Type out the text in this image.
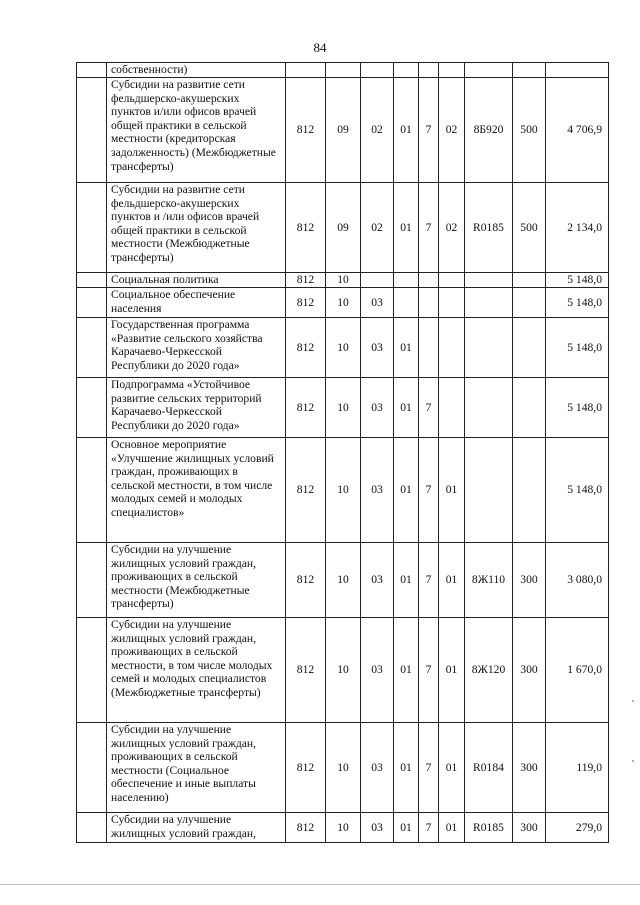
84
	собственности)									
	Субсидии на развитие сети фельдшерско-акушерских пунктов и/или офисов врачей общей практики в сельской местности (кредиторская задолженность) (Межбюджетные трансферты)	812	09	02	01	7	02	8Б920	500	4 706,9
	Субсидии на развитие сети фельдшерско-акушерских пунктов и /или офисов врачей общей практики в сельской местности (Межбюджетные трансферты)	812	09	02	01	7	02	R0185	500	2 134,0
	Социальная политика	812	10							5 148,0
	Социальное обеспечение населения	812	10	03						5 148,0
	Государственная программа «Развитие сельского хозяйства Карачаево-Черкесской Республики до 2020 года»	812	10	03	01					5 148,0
	Подпрограмма «Устойчивое развитие сельских территорий Карачаево-Черкесской Республики до 2020 года»	812	10	03	01	7				5 148,0
	Основное мероприятие «Улучшение жилищных условий граждан, проживающих в сельской местности, в том числе молодых семей и молодых специалистов»	812	10	03	01	7	01			5 148,0
	Субсидии на улучшение жилищных условий граждан, проживающих в сельской местности (Межбюджетные трансферты)	812	10	03	01	7	01	8Ж110	300	3 080,0
	Субсидии на улучшение жилищных условий граждан, проживающих в сельской местности, в том числе молодых семей и молодых специалистов (Межбюджетные трансферты)	812	10	03	01	7	01	8Ж120	300	1 670,0
	Субсидии на улучшение жилищных условий граждан, проживающих в сельской местности (Социальное обеспечение и иные выплаты населению)	812	10	03	01	7	01	R0184	300	119,0
	Субсидии на улучшение жилищных условий граждан,	812	10	03	01	7	01	R0185	300	279,0
